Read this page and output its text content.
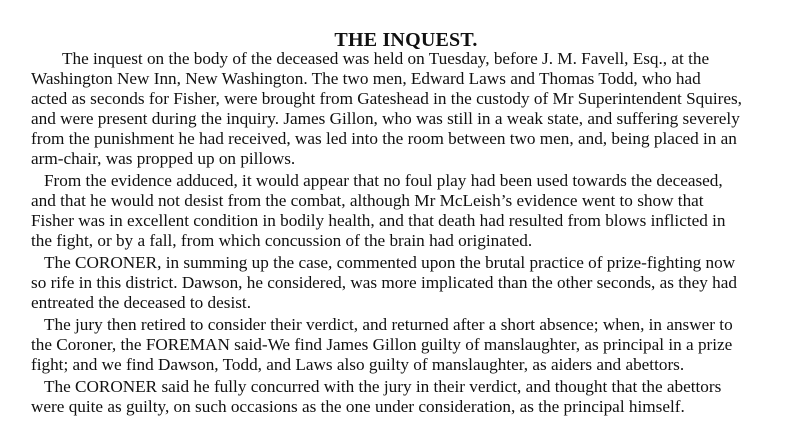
THE INQUEST.
The inquest on the body of the deceased was held on Tuesday, before J. M. Favell, Esq., at the
Washington New Inn, New Washington. The two men, Edward Laws and Thomas Todd, who had
acted as seconds for Fisher, were brought from Gateshead in the custody of Mr Superintendent Squires,
and were present during the inquiry. James Gillon, who was still in a weak state, and suffering severely
from the punishment he had received, was led into the room between two men, and, being placed in an
arm-chair, was propped up on pillows.
From the evidence adduced, it would appear that no foul play had been used towards the deceased,
and that he would not desist from the combat, although Mr McLeish’s evidence went to show that
Fisher was in excellent condition in bodily health, and that death had resulted from blows inflicted in
the fight, or by a fall, from which concussion of the brain had originated.
The CORONER, in summing up the case, commented upon the brutal practice of prize-fighting now
so rife in this district. Dawson, he considered, was more implicated than the other seconds, as they had
entreated the deceased to desist.
The jury then retired to consider their verdict, and returned after a short absence; when, in answer to
the Coroner, the FOREMAN said-We find James Gillon guilty of manslaughter, as principal in a prize
fight; and we find Dawson, Todd, and Laws also guilty of manslaughter, as aiders and abettors.
The CORONER said he fully concurred with the jury in their verdict, and thought that the abettors
were quite as guilty, on such occasions as the one under consideration, as the principal himself.
